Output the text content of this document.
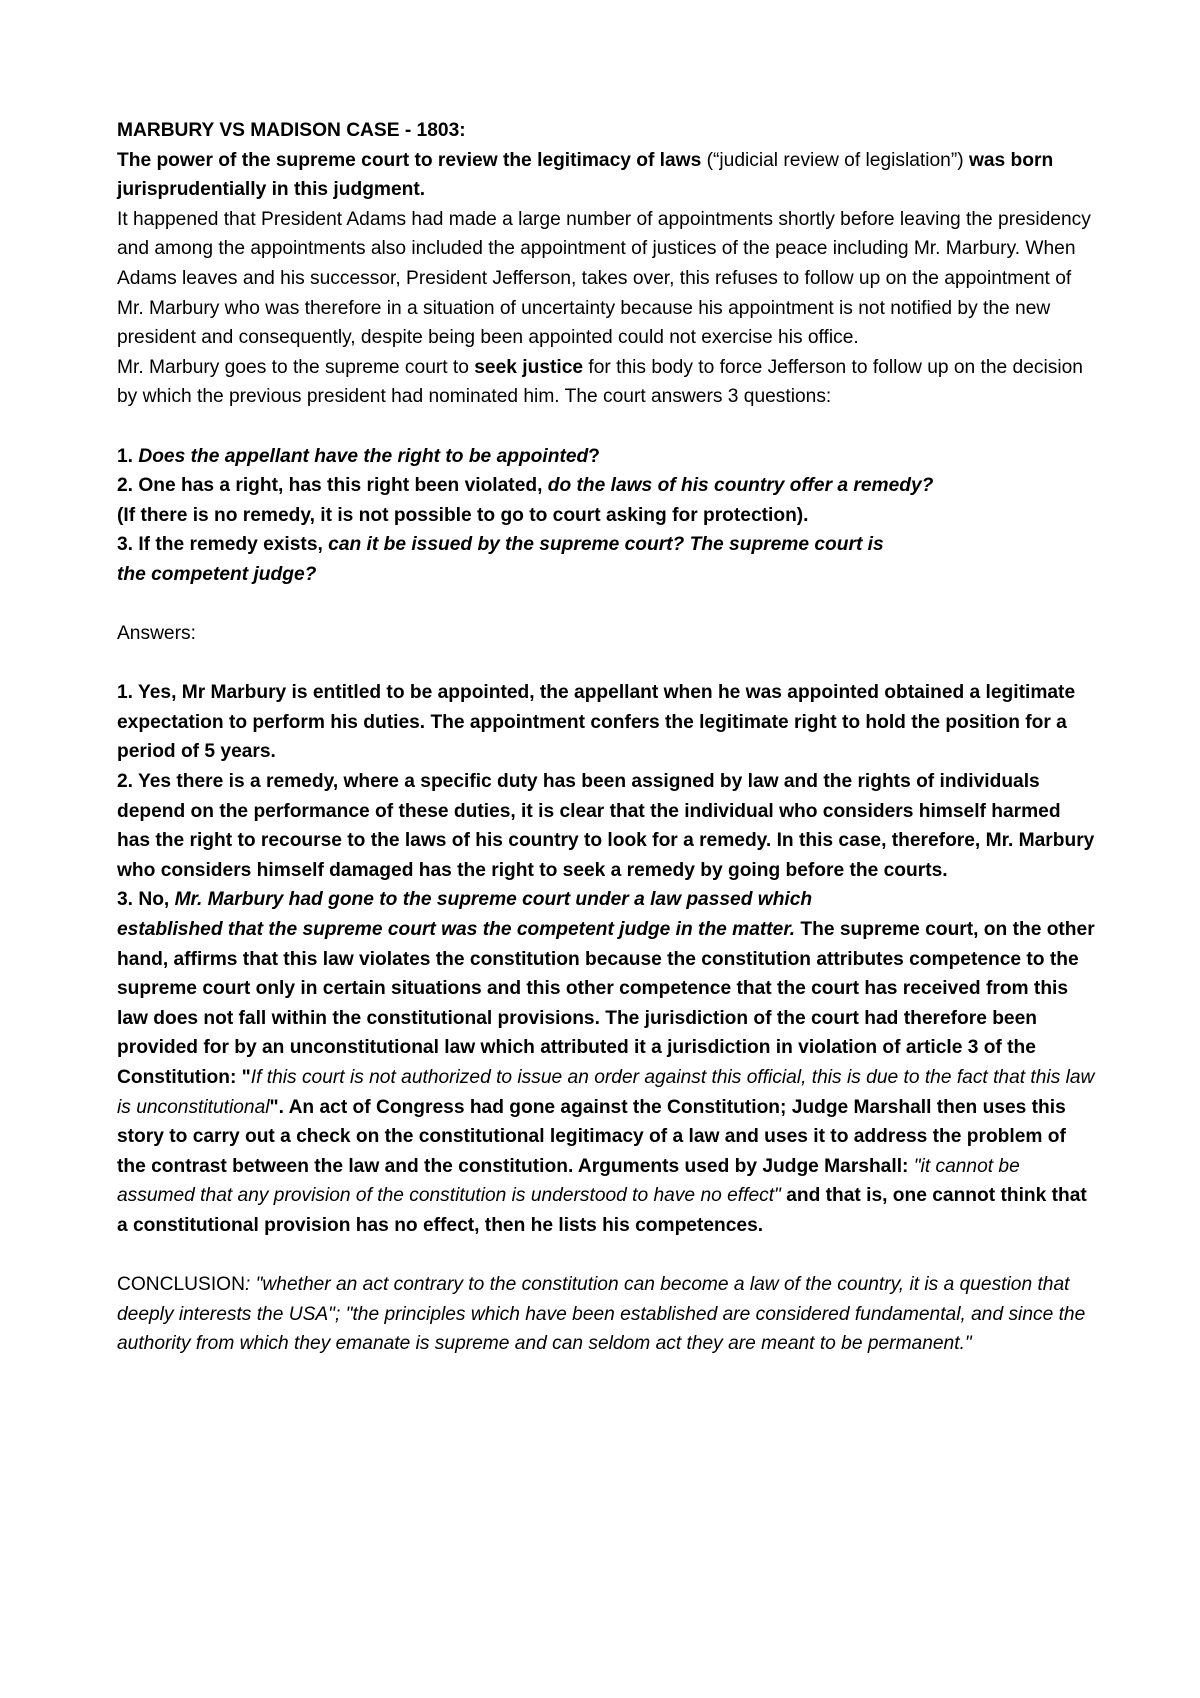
MARBURY VS MADISON CASE - 1803:

The power of the supreme court to review the legitimacy of laws (“judicial review of legislation”) was born jurisprudentially in this judgment.

It happened that President Adams had made a large number of appointments shortly before leaving the presidency and among the appointments also included the appointment of justices of the peace including Mr. Marbury. When Adams leaves and his successor, President Jefferson, takes over, this refuses to follow up on the appointment of Mr. Marbury who was therefore in a situation of uncertainty because his appointment is not notified by the new president and consequently, despite being been appointed could not exercise his office.

Mr. Marbury goes to the supreme court to seek justice for this body to force Jefferson to follow up on the decision by which the previous president had nominated him. The court answers 3 questions:

1. Does the appellant have the right to be appointed?

2. One has a right, has this right been violated, do the laws of his country offer a remedy?

(If there is no remedy, it is not possible to go to court asking for protection).

3. If the remedy exists, can it be issued by the supreme court? The supreme court is

the competent judge?

Answers:

1. Yes, Mr Marbury is entitled to be appointed, the appellant when he was appointed obtained a legitimate expectation to perform his duties. The appointment confers the legitimate right to hold the position for a period of 5 years.

2. Yes there is a remedy, where a specific duty has been assigned by law and the rights of individuals depend on the performance of these duties, it is clear that the individual who considers himself harmed has the right to recourse to the laws of his country to look for a remedy. In this case, therefore, Mr. Marbury who considers himself damaged has the right to seek a remedy by going before the courts.

3. No, Mr. Marbury had gone to the supreme court under a law passed which

established that the supreme court was the competent judge in the matter. The supreme court, on the other hand, affirms that this law violates the constitution because the constitution attributes competence to the supreme court only in certain situations and this other competence that the court has received from this law does not fall within the constitutional provisions. The jurisdiction of the court had therefore been provided for by an unconstitutional law which attributed it a jurisdiction in violation of article 3 of the Constitution: "If this court is not authorized to issue an order against this official, this is due to the fact that this law is unconstitutional". An act of Congress had gone against the Constitution; Judge Marshall then uses this story to carry out a check on the constitutional legitimacy of a law and uses it to address the problem of the contrast between the law and the constitution. Arguments used by Judge Marshall: "it cannot be assumed that any provision of the constitution is understood to have no effect" and that is, one cannot think that a constitutional provision has no effect, then he lists his competences.

CONCLUSION: "whether an act contrary to the constitution can become a law of the country, it is a question that deeply interests the USA"; "the principles which have been established are considered fundamental, and since the authority from which they emanate is supreme and can seldom act they are meant to be permanent."
